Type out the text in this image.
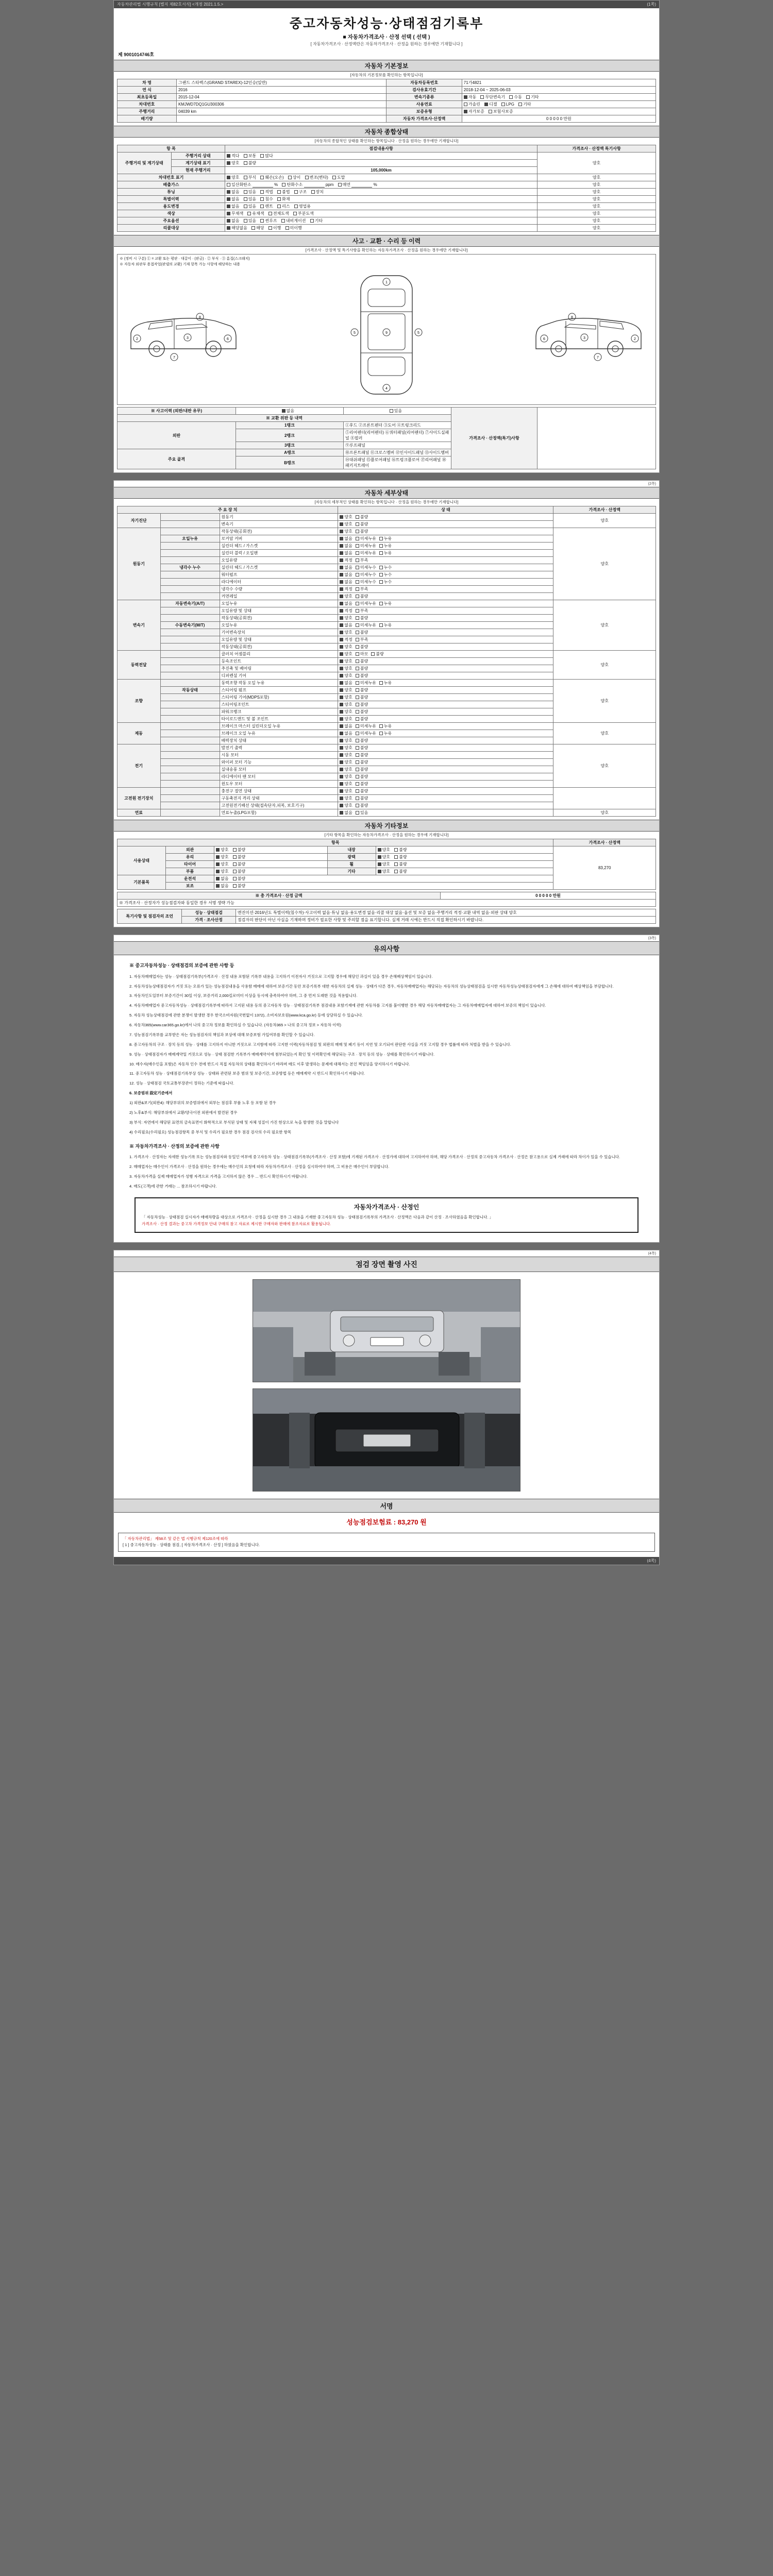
자동차관리법 시행규칙 [별지 제82호서식] <개정 2021.1.5.>	(1쪽)
중고자동차성능·상태점검기록부
■ 자동차가격조사 · 산정 선택 ( 선택 )
[ 자동차가격조사 · 산정액란은 자동차가격조사 · 산정을 원하는 경우에만 기재합니다 ]
제 9001014746호
자동차 기본정보
[자동차의 기본정보를 확인하는 항목입니다]
차 명	그랜드 스타렉스(GRAND STAREX)-12인승(일반)	자동차등록번호	71가4821
연 식	2016	검사유효기간	2018-12-04 ~ 2025-06-03
최초등록일	2015-12-04	변속기종류	자동 무단변속기 수동 기타
차대번호	KMJWD7DQ1GU300306	사용연료	가솔린 디젤 LPG 기타
주행거리	04039 km	보증유형	자가보증 보험사보증
배기량		자동차 가격조사·산정액	0 0 0 0 0 만원
자동차 종합상태
[자동차의 종합적인 상태를 확인하는 항목입니다 · 산정을 원하는 경우에만 기재합니다]
항 목		점검내용사항	가격조사 · 산정액 특기사항
주행거리 및 계기상태	주행거리 상태	적다 보통 많다	양호
	계기상태 표기	양호 불량	
	현재 주행거리	105,000km	
차대번호 표기		양호 부식 훼손(오손) 상이 변조(변타) 도말	양호
배출가스		일산화탄소 % 탄화수소 ppm 매연 %	양호
튜닝		없음 있음 적법 불법 구조 장치	양호
특별이력		없음 있음 침수 화재	양호
용도변경		없음 있음 렌트 리스 영업용	양호
색상		무채색 유채색 전체도색 부분도색	양호
주요옵션		없음 있음 썬루프 내비게이션 기타	양호
리콜대상		해당없음 해당 이행 미이행	양호
사고 · 교환 · 수리 등 이력
[가격조사 · 산정액 및 특기사항을 확인하는 자동차가격조사 · 산정을 원하는 경우에만 기재합니다]
※ (정비 시 구분) ① = 교환 또는 평판 · 대갈이 · (판금) · ② 부식 · ③ 흠집(스크래치)
※ 자동차 외판부 용접작업(판넬의 교환) 기재 항목 가능 사항에 해당하는 내용
2	3	6
7
8
1
9
4
5	5
2
3
6
7
8
※ 사고이력 (외판/내판 유무)	없음	있음	가격조사 · 산정액(특기)사항	
※ 교환 위판 등 내역				
외판	1랭크	①후드 ②프론트펜더 ③도어 ④트렁크리드		
	2랭크	⑤리어펜더(리어펜더) ⑥쿼터패널(리어펜더) ⑦사이드실패널 ⑧필러		
	3랭크	⑨루프패널		
주요 골격	A랭크	⑩프론트패널 ⑪크로스멤버 ⑫인사이드패널 ⑬사이드멤버		
	B랭크	⑭대쉬패널 ⑮플로어패널 ⑯트렁크플로어 ⑰리어패널 ⑱패키지트레이		
(2쪽)
자동차 세부상태
[자동차의 세부적인 상태를 확인하는 항목입니다 · 산정을 원하는 경우에만 기재합니다]
주 요 장 치			상 태	가격조사 · 산정액
자기진단		원동기	양호 불량	양호
		변속기	양호 불량	
원동기		작동상태(공회전)	양호 불량	양호
	오일누유	로커암 커버	없음 미세누유 누유	
		실린더 헤드 / 가스켓	없음 미세누유 누유	
		실린더 블럭 / 오일팬	없음 미세누유 누유	
		오일유량	적정 부족	
	냉각수 누수	실린더 헤드 / 가스켓	없음 미세누수 누수	
		워터펌프	없음 미세누수 누수	
		라디에이터	없음 미세누수 누수	
		냉각수 수량	적정 부족	
		커먼레일	양호 불량	
변속기	자동변속기(A/T)	오일누유	없음 미세누유 누유	양호
		오일유량 및 상태	적정 부족	
		작동상태(공회전)	양호 불량	
	수동변속기(M/T)	오일누유	없음 미세누유 누유	
		기어변속장치	양호 불량	
		오일유량 및 상태	적정 부족	
		작동상태(공회전)	양호 불량	
동력전달		클러치 어셈블리	양호 마모 불량	양호
		등속조인트	양호 불량	
		추진축 및 베어링	양호 불량	
		디퍼렌셜 기어	양호 불량	
조향		동력조향 작동 오일 누유	없음 미세누유 누유	양호
	작동상태	스티어링 펌프	양호 불량	
		스티어링 기어(MDPS포함)	양호 불량	
		스티어링조인트	양호 불량	
		파워크랭크	양호 불량	
		타이로드엔드 및 볼 조인트	양호 불량	
제동		브레이크 마스터 실린더오일 누유	없음 미세누유 누유	양호
		브레이크 오일 누유	없음 미세누유 누유	
		배력장치 상태	양호 불량	
전기		발전기 출력	양호 불량	양호
		시동 모터	양호 불량	
		와이퍼 모터 기능	양호 불량	
		실내송풍 모터	양호 불량	
		라디에이터 팬 모터	양호 불량	
		윈도우 모터	양호 불량	
고전원 전기장치		충전구 절연 상태	양호 불량	
		구동축전지 격리 상태	양호 불량	
		고전원전기배선 상태(접속단자,피복, 보호기구)	양호 불량	
연료		연료누출(LPG포함)	없음 있음	양호
자동차 기타정보
[기타 항목을 확인하는 자동차가격조사 · 산정을 원하는 경우에 기재합니다]
항목					가격조사 · 산정액
사용상태	외관	양호 불량	내장	양호 불량	83,270
	유리	양호 불량	광택	양호 불량	
	타이어	양호 불량	휠	양호 불량	
	부품	양호 불량	기타	양호 불량	
기본품목	운전석	없음 불량			
	보조	없음 불량			
※ 총 가격조사 · 산정 금액	0 0 0 0 0 만원
※ 가격조사 · 산정자가 성능점검자와 동일한 경우 서명 생략 가능
특기사항 및 점검자의 조언	성능 · 상태점검	엔진미션·2016년도 특별이력(침수차)·사고이력 없음·튜닝 없음·용도변경 없음·리콜 대상 없음·옵션 및 보증 없음·주행거리 적정·교환 내역 없음·외판 상태 양호
	가격 · 조사산정	점검자의 판단이 아닌 사실을 기재하며 정비가 필요한 사항 및 주의할 점을 표기합니다. 실제 거래 시에는 반드시 직접 확인하시기 바랍니다.
(3쪽)
유의사항
※ 중고자동차성능 · 상태점검의 보증에 관한 사항 등

1. 자동차매매업자는 성능 · 상태점검기록부(가격조사 · 산정 내용 포함된 기록부 내용을 고지하기 이전자사 거짓으로 고지할 경우에 해당인 과실이 있을 경우 손해배상책임이 있습니다.

2. 자동차성능상태점검자가 거짓 또는 오류가 있는 성능점검내용을 사용함 매매에 대하여 보증기간 동안 보증기록부 대한 자동차의 실제 성능 · 상태가 다른 경우, 자동차매매업자는 해당되는 자동차의 성능상태점검을 실시한 자동차성능상태점검자에게 그 손해에 대하여 배상책임을 부담합니다.

3. 자동차인도일부터 보증기간이 30일 이상, 보증거리 2,000킬로미터 이상을 동시에 충족하여야 하며, 그 중 먼저 도래한 것을 적용합니다.

4. 자동차매매업자 중고자동차성능 · 상태점검기록부에 따라서 고지된 내용 등의 중고자동차 성능 · 상태점검기록부 점검내용 포함기재에 관한 자동차를 고지를 불이행한 경우 해당 자동차매매업자는 그 자동차매매업자에 대하여 보증의 책임이 있습니다.

5. 자동차 성능상태점검에 관한 분쟁이 발생한 경우 한국소비자원(국번없이 1372), 소비자보호원(www.kca.go.kr) 등에 상담하실 수 있습니다.

6. 자동차365(www.car365.go.kr)에서 나의 중고차 정보를 확인하실 수 있습니다. (자동차365 > 나의 중고차 정보 > 자동차 이력)

7. 성능점검기록부를 교부받은 자는 성능점검자의 책임과 보상에 대해 보증보험 가입여부를 확인할 수 있습니다.

8. 중고자동차의 구조 · 장치 등의 성능 · 상태를 고지하지 아니한 거짓으로 고지함에 따라 고지한 이력(자동차점검 및 외판의 매매 및 폐기 등이 지연 및 오기되어 판단한 사실을 거짓 고지할 경우 법률에 따라 처벌을 받을 수 있습니다.

9. 성능 · 상태점검자가 매매계약일 거짓으로 성능 · 상태 점검한 기록부가 매매계약서에 첨부되었는지 확인 및 이력확인에 해당되는 구조 · 장치 등의 성능 · 상태를 확인하시기 바랍니다.

10. 매수자(매수인을 포함)은 자동차 인수 전에 반드시 직접 자동차의 상태를 확인하시기 바라며 매도 이후 발생하는 문제에 대해서는 본인 책임임을 양지하시기 바랍니다.

11. 중고자동차 성능 · 상태점검기록부상 성능 · 상태와 관련된 보증 범위 및 보증기간, 보증방법 등은 매매계약 시 반드시 확인하시기 바랍니다.

12. 성능 · 상태점검 국토교통부장관이 정하는 기준에 따릅니다.

6. 보증범위 設定기준에서

1) 외판&보기(외판4): 해당부위의 보증범위에서 외부는 점검후 부품 노후 등 포함 된 경우

2) 노후&부식: 해당부위에서 교환/양극이전 외판에서 발견된 경우

3) 부식: 자연에서 해당된 표면의 금속표면이 화학적으로 부식된 상태 및 자체 성질이 가진 현상으로 녹을 발생한 것을 말합니다

4) 수리필요(수리필요) 성능점검항목 중 부식 및 수리가 필요한 경우 점검 검사의 수리 필요한 항목

※ 자동차가격조사 · 산정의 보증에 관한 사항

1. 가격조사 · 산정자는 자세한 성능기록 또는 성능점검자와 동일인 여부에 중고자동차 성능 · 상태점검기록부(가격조사 · 산정 포함)에 기재된 가격조사 · 산정가에 대하여 고지하여야 하며, 해당 가격조사 · 산정의 중고자동차 가격조사 · 산정은 참고용으로 실제 거래에 따라 차이가 있을 수 있습니다.

2. 매매업자는 매수인이 가격조사 · 산정을 원하는 경우에는 매수인의 요청에 따라 자동차가격조사 · 산정을 실시하여야 하며, 그 비용은 매수인이 부담합니다.

3. 자동차가격을 실제 매매업자가 성행 자격으로 가격을 고지하지 않은 경우 ... 반드시 확인하시기 바랍니다.

4. 매도(고객)에 관한 거래는 ... 참조하시기 바랍니다.

자동차가격조사 · 산정인
「 자동차성능 · 상태점검 실시자가 매매차량을 대상으로 가격조사 · 산정을 실시한 경우 그 내용을 기재한 중고자동차 성능 · 상태점검기록부의 가격조사 · 산정액은 다음과 같이 산정 · 조사하였음을 확인합니다. 」
가격조사 · 산정 결과는 중고차 가격정보 안내 구매의 참고 자료로 제시한 구매자와 판매에 참조자료로 활용됩니다.
(4쪽)
점검 장면 촬영 사진
서명
성능점검보험료 : 83,270 원
「 자동차관리법」 제58조 및 같은 법 시행규칙 제120조에 따라
[ 1 ] 중고자동차성능 · 상태를 점검, [ 자동차가격조사 · 산정 ] 하였음을 확인합니다.
(4쪽)
